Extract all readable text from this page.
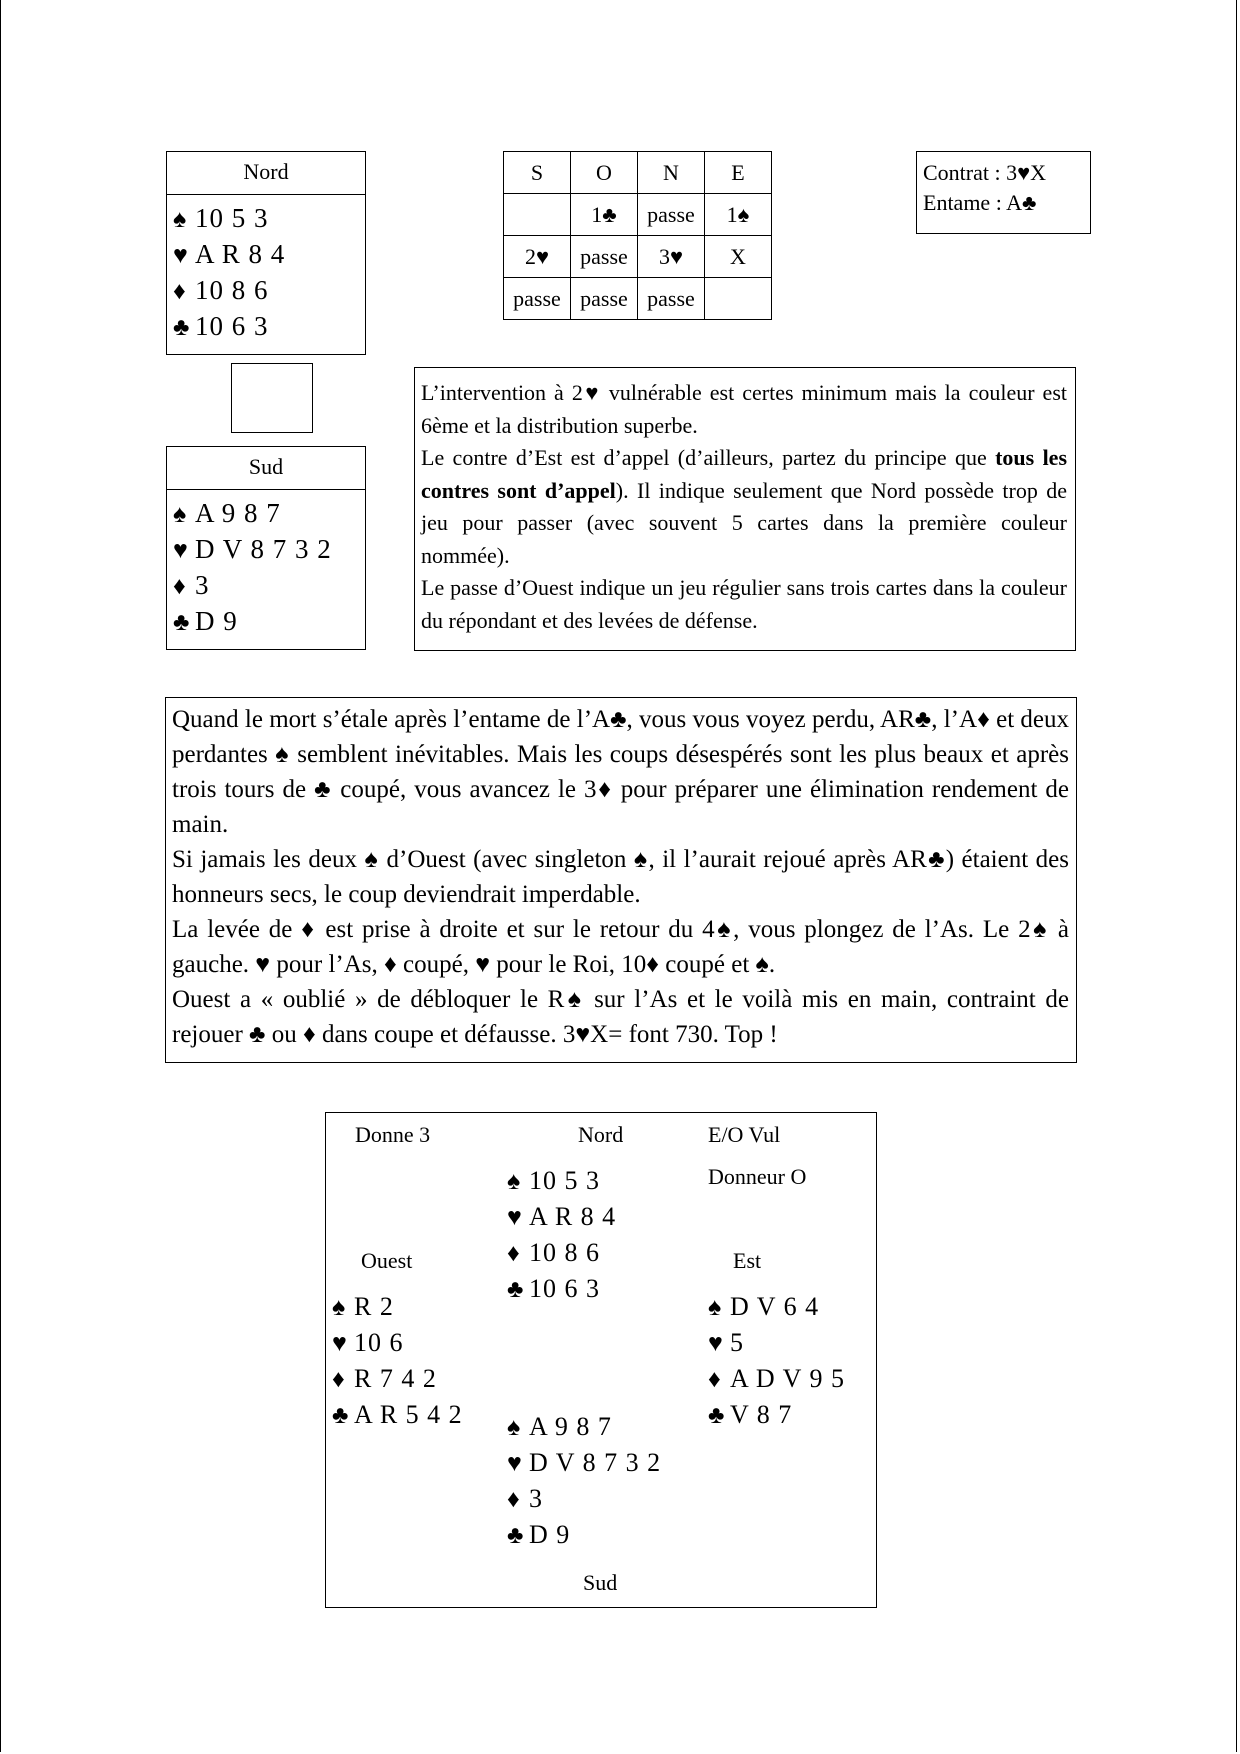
Nord
♠ 10 5 3
♥ A R 8 4
♦ 10 8 6
♣ 10 6 3
Sud
♠ A 9 8 7
♥ D V 8 7 3 2
♦ 3
♣ D 9
S	O	N	E
	1♣	passe	1♠
2♥	passe	3♥	X
passe	passe	passe	
Contrat : 3♥X
Entame : A♣

L’intervention à 2♥ vulnérable est certes minimum mais la couleur est 6ème et la distribution superbe.

Le contre d’Est est d’appel (d’ailleurs, partez du principe que tous les contres sont d’appel). Il indique seulement que Nord possède trop de jeu pour passer (avec souvent 5 cartes dans la première couleur nommée).

Le passe d’Ouest indique un jeu régulier sans trois cartes dans la couleur du répondant et des levées de défense.

Quand le mort s’étale après l’entame de l’A♣, vous vous voyez perdu, AR♣, l’A♦ et deux perdantes ♠ semblent inévitables. Mais les coups désespérés sont les plus beaux et après trois tours de ♣ coupé, vous avancez le 3♦ pour préparer une élimination rendement de main.

Si jamais les deux ♠ d’Ouest (avec singleton ♠, il l’aurait rejoué après AR♣) étaient des honneurs secs, le coup deviendrait imperdable.

La levée de ♦ est prise à droite et sur le retour du 4♠, vous plongez de l’As. Le 2♠ à gauche. ♥ pour l’As, ♦ coupé, ♥ pour le Roi, 10♦ coupé et ♠.

Ouest a « oublié » de débloquer le R♠ sur l’As et le voilà mis en main, contraint de rejouer ♣ ou ♦ dans coupe et défausse. 3♥X= font 730. Top !

Donne 3	Nord	E/O Vul
Donneur O
Ouest	Est
Sud
♠ 10 5 3
♥ A R 8 4
♦ 10 8 6
♣ 10 6 3
♠ R 2
♥ 10 6
♦ R 7 4 2
♣ A R 5 4 2
♠ D V 6 4
♥ 5
♦ A D V 9 5
♣ V 8 7
♠ A 9 8 7
♥ D V 8 7 3 2
♦ 3
♣ D 9
